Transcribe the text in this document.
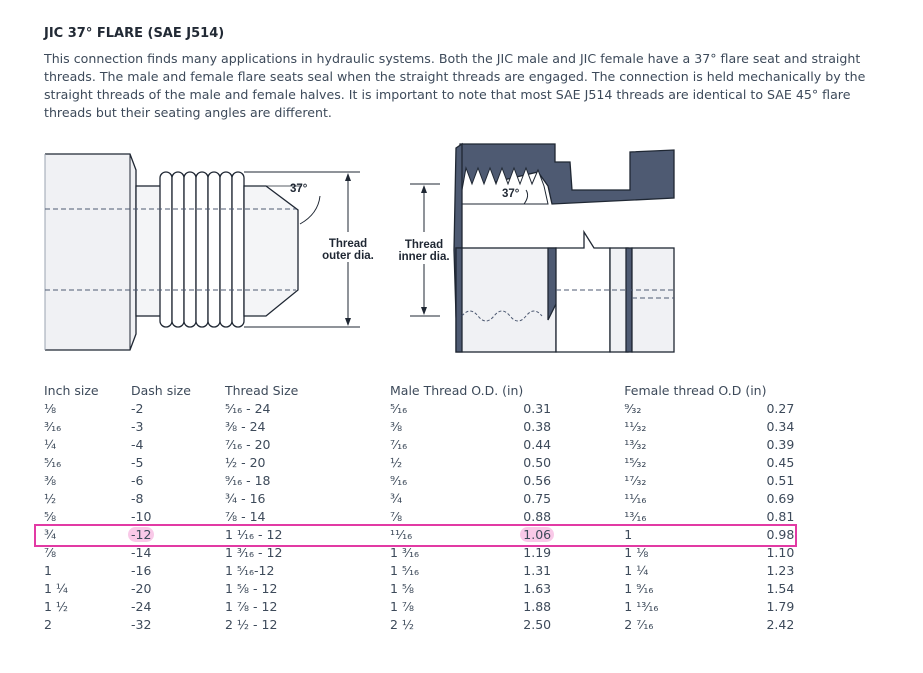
JIC 37° FLARE (SAE J514)

This connection finds many applications in hydraulic systems. Both the JIC male and JIC female have a 37° flare seat and straight threads. The male and female flare seats seal when the straight threads are engaged. The connection is held mechanically by the straight threads of the male and female halves. It is important to note that most SAE J514 threads are identical to SAE 45° flare threads but their seating angles are different.

37°
Thread
outer dia.
37°
Thread
inner dia.
Inch size	Dash size	Thread Size	Male Thread O.D. (in)		Female thread O.D (in)	
⅛	-2	⁵⁄₁₆ - 24	⁵⁄₁₆	0.31	⁹⁄₃₂	0.27
³⁄₁₆	-3	⅜ - 24	⅜	0.38	¹¹⁄₃₂	0.34
¼	-4	⁷⁄₁₆ - 20	⁷⁄₁₆	0.44	¹³⁄₃₂	0.39
⁵⁄₁₆	-5	½ - 20	½	0.50	¹⁵⁄₃₂	0.45
⅜	-6	⁹⁄₁₆ - 18	⁹⁄₁₆	0.56	¹⁷⁄₃₂	0.51
½	-8	¾ - 16	¾	0.75	¹¹⁄₁₆	0.69
⅝	-10	⅞ - 14	⅞	0.88	¹³⁄₁₆	0.81
¾	-12	1 ¹⁄₁₆ - 12	¹¹⁄₁₆	1.06	1	0.98
⅞	-14	1 ³⁄₁₆ - 12	1 ³⁄₁₆	1.19	1 ⅛	1.10
1	-16	1 ⁵⁄₁₆-12	1 ⁵⁄₁₆	1.31	1 ¼	1.23
1 ¼	-20	1 ⅝ - 12	1 ⅝	1.63	1 ⁹⁄₁₆	1.54
1 ½	-24	1 ⅞ - 12	1 ⅞	1.88	1 ¹³⁄₁₆	1.79
2	-32	2 ½ - 12	2 ½	2.50	2 ⁷⁄₁₆	2.42
